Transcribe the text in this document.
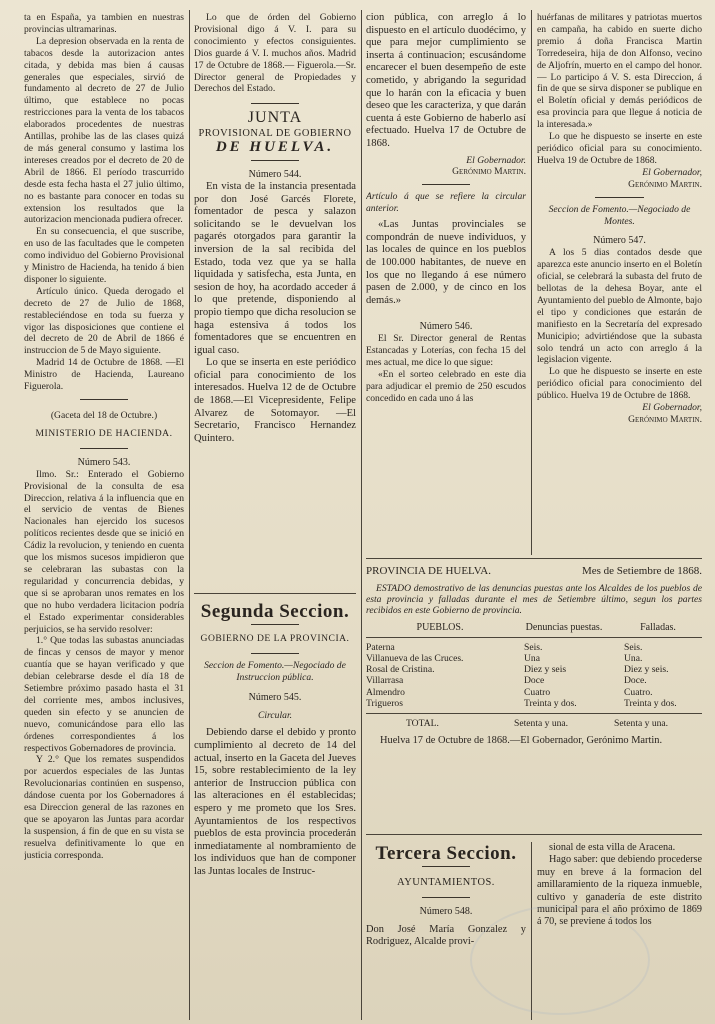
ta en España, ya tambien en nuestras provincias ultramarinas.

La depresion observada en la renta de tabacos desde la autorizacion antes citada, y debida mas bien á causas generales que especiales, sirvió de fundamento al decreto de 27 de Julio último, que establece no pocas restricciones para la venta de los tabacos elaborados procedentes de nuestras Antillas, prohibe las de las clases quizá de más general consumo y lastima los intereses creados por el decreto de 20 de Abril de 1866. El período trascurrido desde esta fecha hasta el 27 julio último, no es bastante para conocer en todas su extension los resultados que la autorizacion mencionada pudiera ofrecer.

En su consecuencia, el que suscribe, en uso de las facultades que le competen como individuo del Gobierno Provisional y Ministro de Hacienda, ha tenido á bien disponer lo siguiente.

Artículo único. Queda derogado el decreto de 27 de Julio de 1868, restableciéndose en toda su fuerza y vigor las disposiciones que contiene el del decreto de 20 de Abril de 1866 é instruccion de 5 de Mayo siguiente.

Madrid 14 de Octubre de 1868. —El Ministro de Hacienda, Laureano Figuerola.

(Gaceta del 18 de Octubre.)

MINISTERIO DE HACIENDA.

Número 543.

Ilmo. Sr.: Enterado el Gobierno Provisional de la consulta de esa Direccion, relativa á la influencia que en el servicio de ventas de Bienes Nacionales han ejercido los sucesos políticos recientes desde que se inició en Cádiz la revolucion, y teniendo en cuenta que los mismos sucesos impidieron que se celebraran las subastas con la regularidad y concurrencia debidas, y que si se aprobaran unos remates en los que no hubo verdadera licitacion podría el Estado experimentar considerables perjuicios, se ha servido resolver:

1.° Que todas las subastas anunciadas de fincas y censos de mayor y menor cuantía que se hayan verificado y que debian celebrarse desde el día 18 de Setiembre próximo pasado hasta el 31 del corriente mes, ambos inclusives, queden sin efecto y se anuncien de nuevo, comunicándose para ello las órdenes correspondientes á los respectivos Gobernadores de provincia.

Y 2.° Que los remates suspendidos por acuerdos especiales de las Juntas Revolucionarias continúen en suspenso, dándose cuenta por los Gobernadores á esa Direccion general de las razones en que se apoyaron las Juntas para acordar la suspension, á fin de que en su vista se resuelva definitivamente lo que en justicia corresponda.

Lo que de órden del Gobierno Provisional digo á V. I. para su conocimiento y efectos consiguientes. Dios guarde á V. I. muchos años. Madrid 17 de Octubre de 1868.— Figuerola.—Sr. Director general de Propiedades y Derechos del Estado.

JUNTA
PROVISIONAL DE GOBIERNO
DE HUELVA.

Número 544.

En vista de la instancia presentada por don José Garcés Florete, fomentador de pesca y salazon solicitando se le devuelvan los pagarés otorgados para garantir la inversion de la sal recibida del Estado, toda vez que ya se halla liquidada y satisfecha, esta Junta, en sesion de hoy, ha acordado acceder á lo que pretende, disponiendo al propio tiempo que dicha resolucion se haga estensiva á todos los fomentadores que se encuentren en igual caso.

Lo que se inserta en este periódico oficial para conocimiento de los interesados. Huelva 12 de de Octubre de 1868.—El Vicepresidente, Felipe Alvarez de Sotomayor. —El Secretario, Francisco Hernandez Quintero.

Segunda Seccion.

GOBIERNO DE LA PROVINCIA.

Seccion de Fomento.—Negociado de Instruccion pública.

Número 545.

Circular.

Debiendo darse el debido y pronto cumplimiento al decreto de 14 del actual, inserto en la Gaceta del Jueves 15, sobre restablecimiento de la ley anterior de Instruccion pública con las alteraciones en él establecidas; espero y me prometo que los Sres. Ayuntamientos de los respectivos pueblos de esta provincia procederán inmediatamente al nombramiento de los individuos que han de componer las Juntas locales de Instruc-

cion pública, con arreglo á lo dispuesto en el artículo duodécimo, y que para mejor cumplimiento se inserta á continuacion; escusándome encarecer el buen desempeño de este cometido, y abrigando la seguridad que lo harán con la eficacia y buen deseo que les caracteriza, y que darán cuenta á este Gobierno de haberlo así efectuado. Huelva 17 de Octubre de 1868.

El Gobernador.

Gerónimo Martin.

Artículo á que se refiere la circular anterior.

«Las Juntas provinciales se compondrán de nueve individuos, y las locales de quince en los pueblos de 100.000 habitantes, de nueve en los que no llegando á ese número pasen de 2.000, y de cinco en los demás.»

Número 546.

El Sr. Director general de Rentas Estancadas y Loterías, con fecha 15 del mes actual, me dice lo que sigue:

«En el sorteo celebrado en este dia para adjudicar el premio de 250 escudos concedido en cada uno á las

huérfanas de militares y patriotas muertos en campaña, ha cabido en suerte dicho premio á doña Francisca Martin Torredeseira, hija de don Alfonso, vecino de Aljofrín, muerto en el campo del honor.— Lo participo á V. S. esta Direccion, á fin de que se sirva disponer se publique en el Boletín oficial y demás periódicos de esa provincia para que llegue á noticia de la interesada.»

Lo que he dispuesto se inserte en este periódico oficial para su conocimiento. Huelva 19 de Octubre de 1868.

El Gobernador,

Gerónimo Martin.

Seccion de Fomento.—Negociado de Montes.

Número 547.

A los 5 dias contados desde que aparezca este anuncio inserto en el Boletín oficial, se celebrará la subasta del fruto de bellotas de la dehesa Boyar, ante el Ayuntamiento del pueblo de Almonte, bajo el tipo y condiciones que estarán de manifiesto en la Secretaría del expresado Municipio; advirtiéndose que la subasta solo tendrá un acto con arreglo á la legislacion vigente.

Lo que he dispuesto se inserte en este periódico oficial para conocimiento del público. Huelva 19 de Octubre de 1868.

El Gobernador,

Gerónimo Martin.

PROVINCIA DE HUELVA.	Mes de Setiembre de 1868.

ESTADO demostrativo de las denuncias puestas ante los Alcaldes de los pueblos de esta provincia y falladas durante el mes de Setiembre último, segun los partes recibidos en este Gobierno de provincia.

PUEBLOS.	Denuncias puestas.	Falladas.
Paterna	Seis.	Seis.
Villanueva de las Cruces.	Una	Una.
Rosal de Cristina.	Diez y seis	Diez y seis.
Villarrasa	Doce	Doce.
Almendro	Cuatro	Cuatro.
Trigueros	Treinta y dos.	Treinta y dos.
TOTAL.	Setenta y una.	Setenta y una.

Huelva 17 de Octubre de 1868.—El Gobernador, Gerónimo Martin.

Tercera Seccion.

AYUNTAMIENTOS.

Número 548.

Don José María Gonzalez y Rodriguez, Alcalde provi-

sional de esta villa de Aracena.

Hago saber: que debiendo procederse muy en breve á la formacion del amillaramiento de la riqueza inmueble, cultivo y ganadería de este distrito municipal para el año próximo de 1869 á 70, se previene á todos los
